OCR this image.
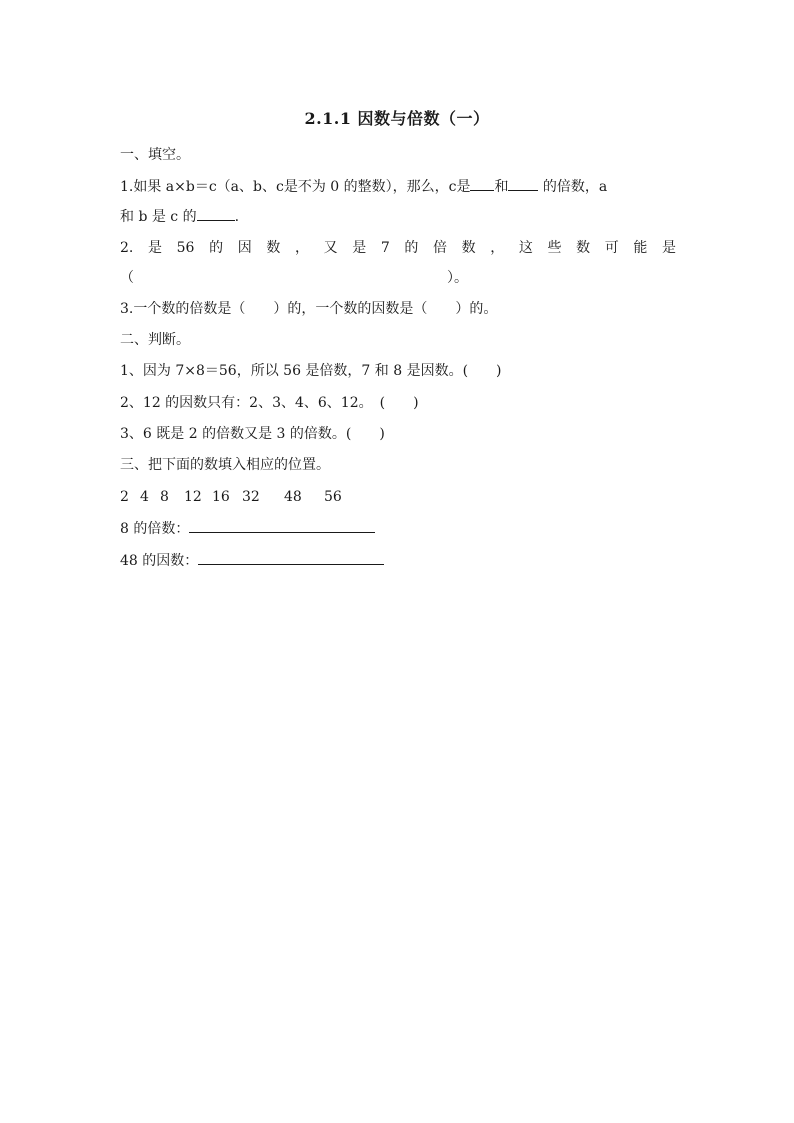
2.1.1 因数与倍数（一）
一、填空。
1.如果 a×b＝c（a、b、c是不为 0 的整数），那么，c是 和 的倍数，a
和 b 是 c 的	.
2. 是 56 的 因 数 ， 又 是 7 的 倍 数 ， 这 些 数 可 能 是
（	）。
3.一个数的倍数是（　　）的，一个数的因数是（　　）的。
二、判断。
1、因为 7×8＝56，所以 56 是倍数，7 和 8 是因数。(　　)
2、12 的因数只有：2、3、4、6、12。　(　　)
3、6 既是 2 的倍数又是 3 的倍数。(　　)
三、把下面的数填入相应的位置。
2 4 8 12 16 32 48 56
8 的倍数：
48 的因数：
